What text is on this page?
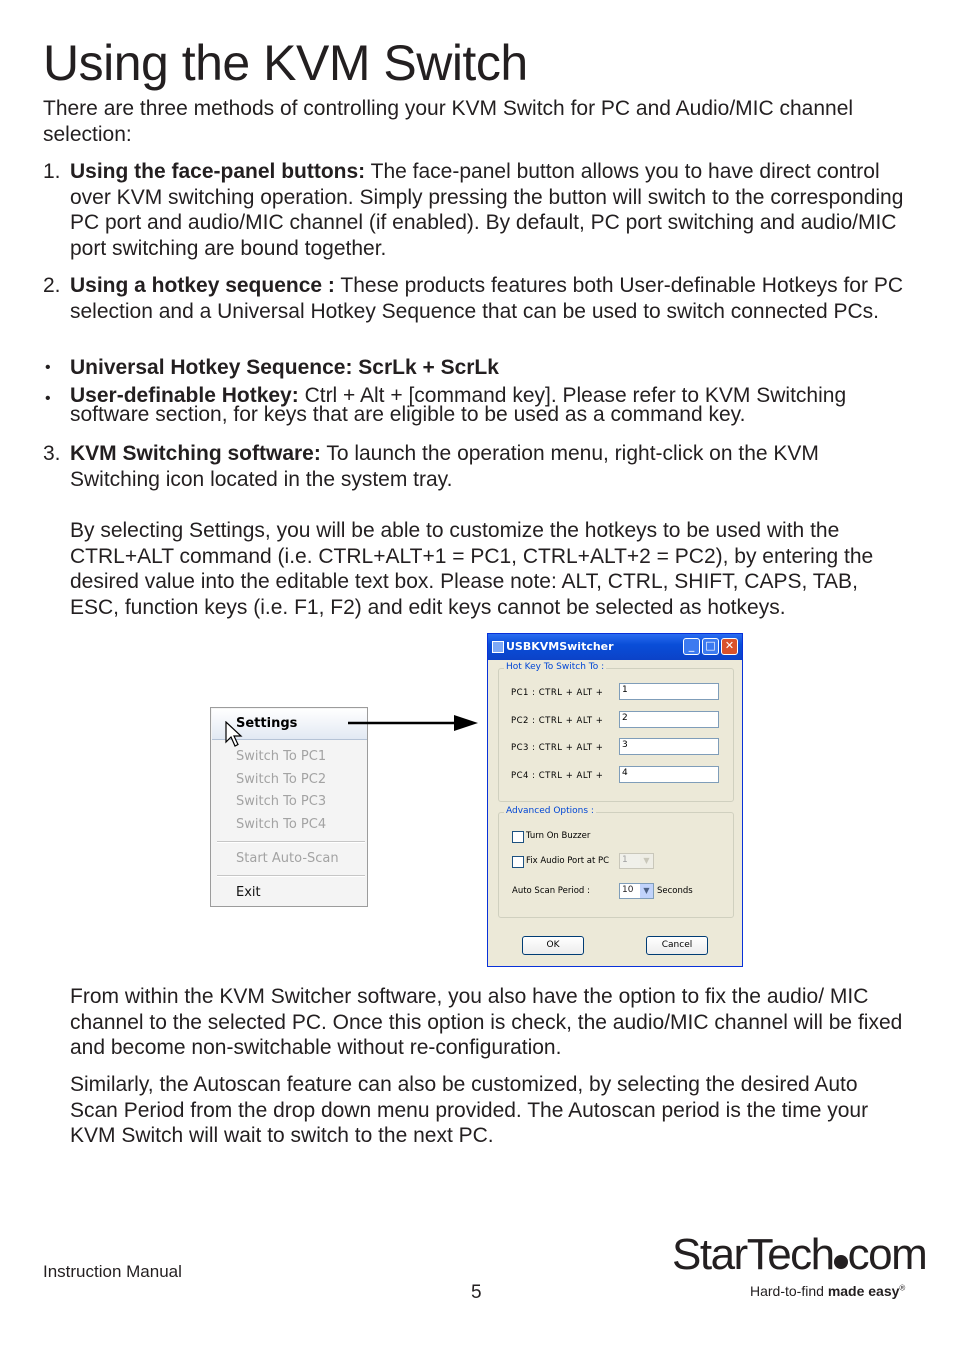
Using the KVM Switch

There are three methods of controlling your KVM Switch for PC and Audio/MIC channel selection:

1. Using the face-panel buttons: The face-panel button allows you to have direct control over KVM switching operation. Simply pressing the button will switch to the corresponding PC port and audio/MIC channel (if enabled). By default, PC port switching and audio/MIC port switching are bound together.

2. Using a hotkey sequence : These products features both User-definable Hotkeys for PC selection and a Universal Hotkey Sequence that can be used to switch connected PCs.

• Universal Hotkey Sequence: ScrLk + ScrLk

• User-definable Hotkey: Ctrl + Alt + [command key]. Please refer to KVM Switching software section, for keys that are eligible to be used as a command key.

3. KVM Switching software: To launch the operation menu, right-click on the KVM Switching icon located in the system tray.

By selecting Settings, you will be able to customize the hotkeys to be used with the CTRL+ALT command (i.e. CTRL+ALT+1 = PC1, CTRL+ALT+2 = PC2), by entering the desired value into the editable text box. Please note: ALT, CTRL, SHIFT, CAPS, TAB, ESC, function keys (i.e. F1, F2) and edit keys cannot be selected as hotkeys.

Settings
Switch To PC1
Switch To PC2
Switch To PC3
Switch To PC4
Start Auto-Scan
Exit
USBKVMSwitcher	_	□ ✕
Hot Key To Switch To :
PC1 : CTRL + ALT +	1
PC2 : CTRL + ALT +	2
PC3 : CTRL + ALT +	3
PC4 : CTRL + ALT +	4
Advanced Options :
Turn On Buzzer
Fix Audio Port at PC	1	▼
Auto Scan Period :	10	▼ Seconds
OK	Cancel

From within the KVM Switcher software, you also have the option to fix the audio/ MIC channel to the selected PC. Once this option is check, the audio/MIC channel will be fixed and become non-switchable without re-configuration.

Similarly, the Autoscan feature can also be customized, by selecting the desired Auto Scan Period from the drop down menu provided. The Autoscan period is the time your KVM Switch will wait to switch to the next PC.

Instruction Manual
5
StarTech com
Hard-to-find made easy®
